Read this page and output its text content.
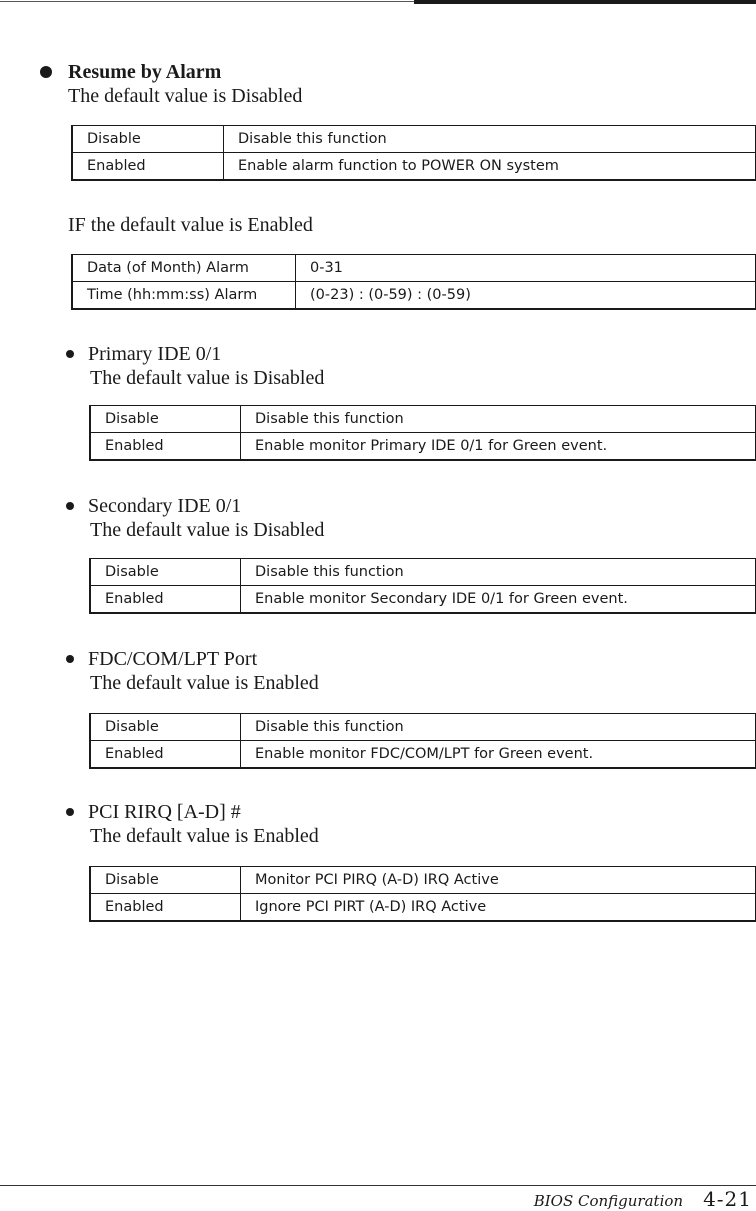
Resume by Alarm
The default value is Disabled
Disable	Disable this function
Enabled	Enable alarm function to POWER ON system
IF the default value is Enabled
Data (of Month) Alarm	0-31
Time (hh:mm:ss) Alarm	(0-23) : (0-59) : (0-59)
Primary IDE 0/1
The default value is Disabled
Disable	Disable this function
Enabled	Enable monitor Primary IDE 0/1 for Green event.
Secondary IDE 0/1
The default value is Disabled
Disable	Disable this function
Enabled	Enable monitor Secondary IDE 0/1 for Green event.
FDC/COM/LPT Port
The default value is Enabled
Disable	Disable this function
Enabled	Enable monitor FDC/COM/LPT for Green event.
PCI RIRQ [A-D] #
The default value is Enabled
Disable	Monitor PCI PIRQ (A-D) IRQ Active
Enabled	Ignore PCI PIRT (A-D) IRQ Active
BIOS Configuration 4-21
